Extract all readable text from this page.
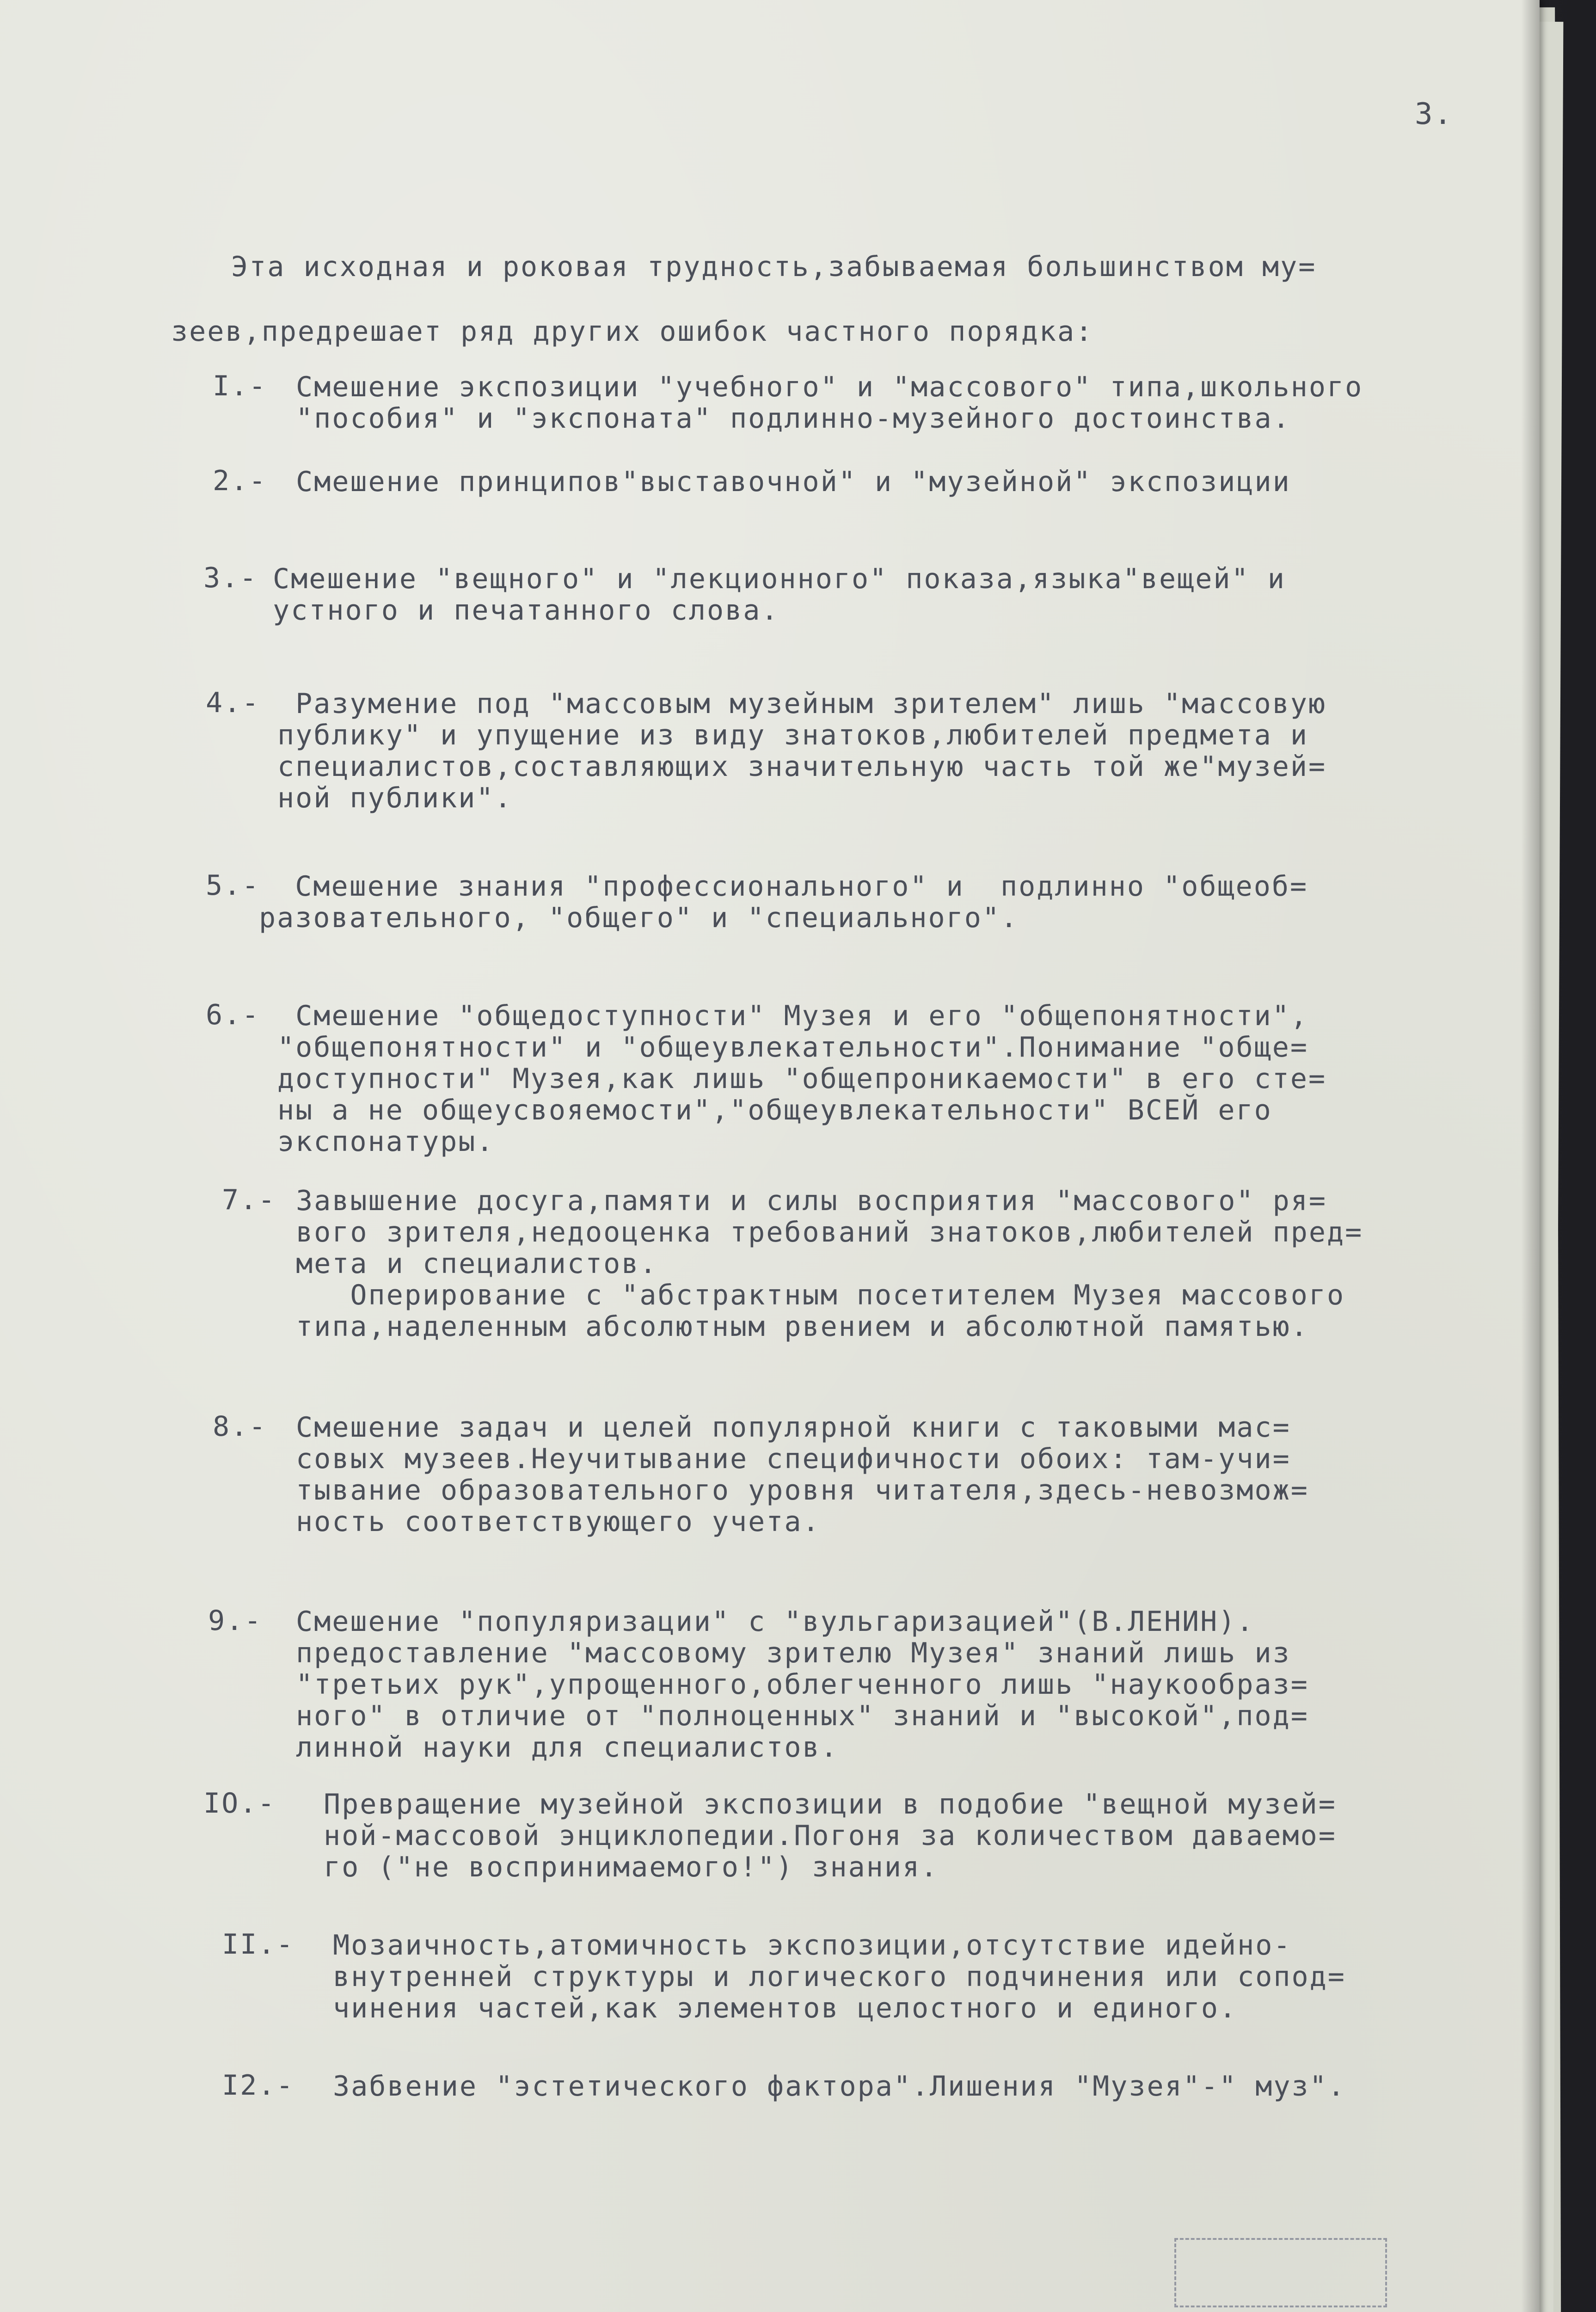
3.
Эта исходная и роковая трудность,забываемая большинством му=
зеев,предрешает ряд других ошибок частного порядка:
I.- Смешение экспозиции "учебного" и "массового" типа,школьного
"пособия" и "экспоната" подлинно-музейного достоинства.
2.- Смешение принципов"выставочной" и "музейной" экспозиции
3.- Смешение "вещного" и "лекционного" показа,языка"вещей" и
устного и печатанного слова.
4.- Разумение под "массовым музейным зрителем" лишь "массовую
публику" и упущение из виду знатоков,любителей предмета и
специалистов,составляющих значительную часть той же"музей=
ной публики".
5.-
Смешение знания "профессионального" и  подлинно "общеоб=
разовательного, "общего" и "специального".
6.- Смешение "общедоступности" Музея и его "общепонятности",
"общепонятности" и "общеувлекательности".Понимание "обще=
доступности" Музея,как лишь "общепроникаемости" в его сте=
ны а не общеусвояемости","общеувлекательности" ВСЕЙ его
экспонатуры.
7.- Завышение досуга,памяти и силы восприятия "массового" ря=
вого зрителя,недооценка требований знатоков,любителей пред=
мета и специалистов.
Оперирование с "абстрактным посетителем Музея массового
типа,наделенным абсолютным рвением и абсолютной памятью.
8.- Смешение задач и целей популярной книги с таковыми мас=
совых музеев.Неучитывание специфичности обоих: там-учи=
тывание образовательного уровня читателя,здесь-невозмож=
ность соответствующего учета.
9.- Смешение "популяризации" с "вульгаризацией"(В.ЛЕНИН).
предоставление "массовому зрителю Музея" знаний лишь из
"третьих рук",упрощенного,облегченного лишь "наукообраз=
ного" в отличие от "полноценных" знаний и "высокой",под=
линной науки для специалистов.
IO.- Превращение музейной экспозиции в подобие "вещной музей=
ной-массовой энциклопедии.Погоня за количеством даваемо=
го ("не воспринимаемого!") знания.
II.- Мозаичность,атомичность экспозиции,отсутствие идейно-
внутренней структуры и логического подчинения или сопод=
чинения частей,как элементов целостного и единого.
I2.- Забвение "эстетического фактора".Лишения "Музея"-" муз".
